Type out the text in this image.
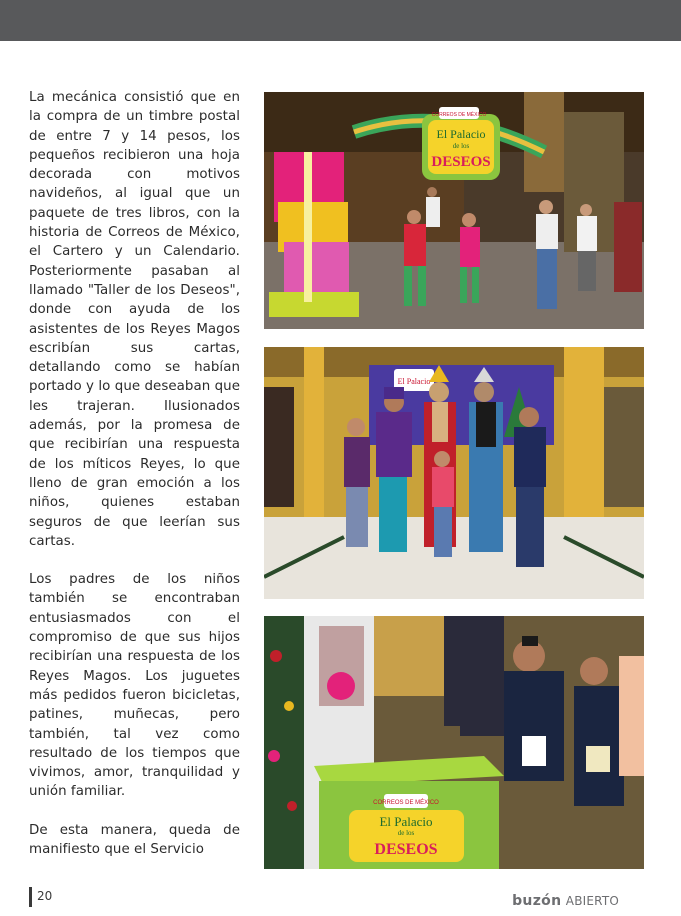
La mecánica consistió que en la compra de un timbre postal de entre 7 y 14 pesos, los pequeños recibieron una hoja decorada con motivos navideños, al igual que un paquete de tres libros, con la historia de Correos de México, el Cartero y un Calendario. Posteriormente pasaban al llamado "Taller de los Deseos", donde con ayuda de los asistentes de los Reyes Magos escribían sus cartas, detallando como se habían portado y lo que deseaban que les trajeran. Ilusionados además, por la promesa de que recibirían una respuesta de los míticos Reyes, lo que lleno de gran emoción a los niños, quienes estaban seguros de que leerían sus cartas.

Los padres de los niños también se encontraban entusiasmados con el compromiso de que sus hijos recibirían una respuesta de los Reyes Magos. Los juguetes más pedidos fueron bicicletas, patines, muñecas, pero también, tal vez como resultado de los tiempos que vivimos, amor, tranquilidad y unión familiar.

De esta manera, queda de manifiesto que el Servicio

CORREOS DE MÉXICO
El Palacio
de los
DESEOS
El Palacio
CORREOS DE MÉXICO
El Palacio
de los
DESEOS
20	buzón ABIERTO
